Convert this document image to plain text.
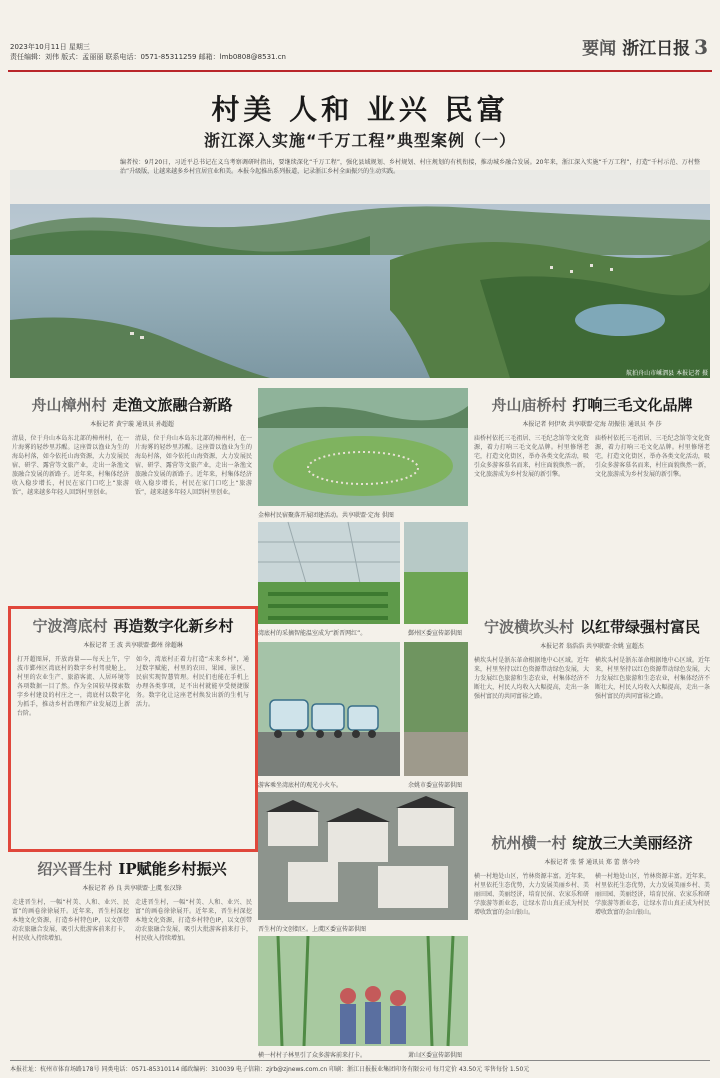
2023年10月11日 星期三
责任编辑：刘伟 版式：孟丽丽 联系电话：0571-85311259 邮箱：lmb0808@8531.cn	要闻 浙江日报 3
村美 人和 业兴 民富
浙江深入实施“千万工程”典型案例（一）
编者按：9月20日，习近平总书记在义乌考察调研时指出，要继续深化“千万工程”，强化县域规划、乡村规划、村庄规划的有机衔接，推动城乡融合发展。20年来，浙江深入实施“千万工程”，打造“千村示范、万村整治”升级版，让越来越多乡村宜居宜业和美。本报今起推出系列报道，记录浙江乡村全面振兴的生动实践。
航拍舟山市嵊泗县 本报记者 摄
舟山樟州村 走渔文旅融合新路
本报记者 黄宁璇 通讯员 孙超超
清晨，位于舟山本岛东北部的樟州村，在一片海雾的轻纱里苏醒。这座曾以渔业为生的海岛村落，如今依托山海资源，大力发展民宿、研学、露营等文旅产业，走出一条渔文旅融合发展的新路子。近年来，村集体经济收入稳步增长，村民在家门口吃上“旅游饭”，越来越多年轻人回到村里创业。
清晨，位于舟山本岛东北部的樟州村，在一片海雾的轻纱里苏醒。这座曾以渔业为生的海岛村落，如今依托山海资源，大力发展民宿、研学、露营等文旅产业，走出一条渔文旅融合发展的新路子。近年来，村集体经济收入稳步增长，村民在家门口吃上“旅游饭”，越来越多年轻人回到村里创业。
宁波湾底村 再造数字化新乡村
本报记者 王 波 共享联盟·鄞州 徐超琳
打开超图屏，开放海量——每天上午，宁波市鄞州区湾底村的数字乡村驾驶舱上，村里的农业生产、旅游客流、人居环境等各项数据一目了然。作为全国较早探索数字乡村建设的村庄之一，湾底村以数字化为抓手，推动乡村治理和产业发展迈上新台阶。
如今，湾底村正着力打造“未来乡村”，通过数字赋能，村里的农田、果园、景区、民宿实现智慧管理。村民们也能在手机上办理各类事项，足不出村就能享受便捷服务。数字化让这座老村焕发出新的生机与活力。
绍兴晋生村 IP赋能乡村振兴
本报记者 孙 良 共享联盟·上虞 张汉锋
走进晋生村，一幅“村美、人和、业兴、民富”的画卷徐徐展开。近年来，晋生村深挖本地文化资源，打造乡村特色IP，以文创带动农旅融合发展，吸引大批游客前来打卡，村民收入持续增加。
走进晋生村，一幅“村美、人和、业兴、民富”的画卷徐徐展开。近年来，晋生村深挖本地文化资源，打造乡村特色IP，以文创带动农旅融合发展，吸引大批游客前来打卡，村民收入持续增加。
金樟村民宿聚落开展团建活动。共享联盟·定海 供图
湾底村的采摘智能温室成为“新晋网红”。	鄞州区委宣传部供图
游客乘坐湾底村的观光小火车。	余姚市委宣传部供图
晋生村的文创街区。上虞区委宣传部供图
横一村村子林里引了众多游客前来打卡。	萧山区委宣传部供图
舟山庙桥村 打响三毛文化品牌
本报记者 何伊欢 共享联盟·定海 胡振佳 通讯员 李 莎
庙桥村依托三毛祖居、三毛纪念馆等文化资源，着力打响三毛文化品牌。村里修缮老宅，打造文化街区，举办各类文化活动，吸引众多游客慕名而来，村庄面貌焕然一新，文化旅游成为乡村发展的新引擎。
庙桥村依托三毛祖居、三毛纪念馆等文化资源，着力打响三毛文化品牌。村里修缮老宅，打造文化街区，举办各类文化活动，吸引众多游客慕名而来，村庄面貌焕然一新，文化旅游成为乡村发展的新引擎。
宁波横坎头村 以红带绿强村富民
本报记者 翁浩浩 共享联盟·余姚 宣超杰
横坎头村是浙东革命根据地中心区域。近年来，村里坚持以红色资源带动绿色发展，大力发展红色旅游和生态农业，村集体经济不断壮大，村民人均收入大幅提高，走出一条强村富民的共同富裕之路。
横坎头村是浙东革命根据地中心区域。近年来，村里坚持以红色资源带动绿色发展，大力发展红色旅游和生态农业，村集体经济不断壮大，村民人均收入大幅提高，走出一条强村富民的共同富裕之路。
杭州横一村 绽放三大美丽经济
本报记者 张 誓 通讯员 郑 蕾 蔡今玲
横一村地处山区，竹林资源丰富。近年来，村里依托生态优势，大力发展美丽乡村、美丽田园、美丽经济，培育民宿、农家乐和研学旅游等新业态，让绿水青山真正成为村民增收致富的金山银山。
横一村地处山区，竹林资源丰富。近年来，村里依托生态优势，大力发展美丽乡村、美丽田园、美丽经济，培育民宿、农家乐和研学旅游等新业态，让绿水青山真正成为村民增收致富的金山银山。
本报社址：杭州市体育场路178号 同类电话：0571-85310114 邮政编码：310039 电子信箱：zjrb@zjnews.com.cn 印刷：浙江日报报业集团印务有限公司 每月定价 43.50元 零售每份 1.50元
